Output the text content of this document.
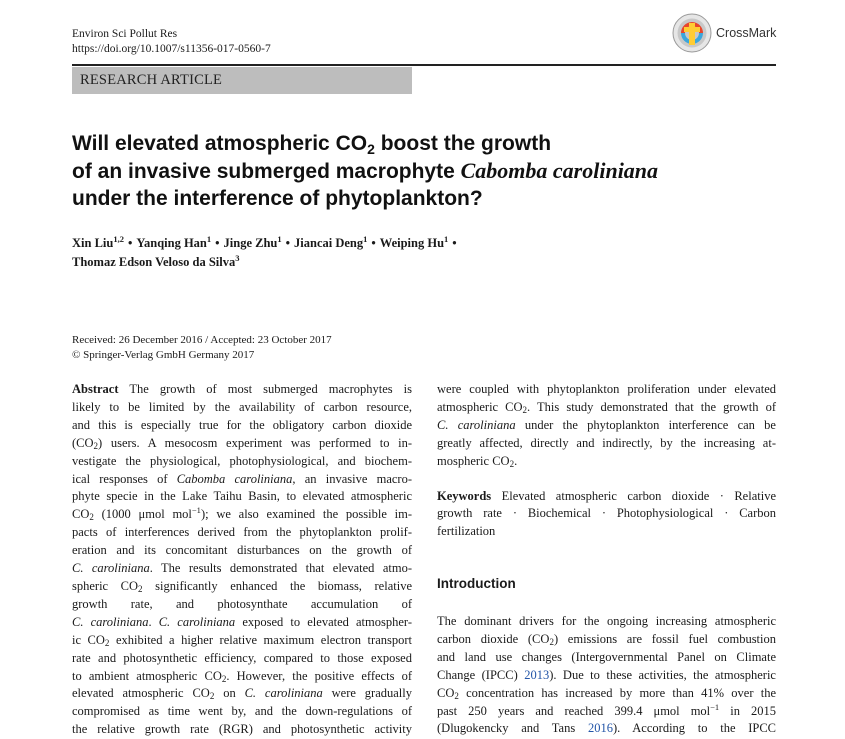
Environ Sci Pollut Res
https://doi.org/10.1007/s11356-017-0560-7
CrossMark
RESEARCH ARTICLE
Will elevated atmospheric $CO_2$ boost the growth
of an invasive submerged macrophyte Cabomba caroliniana
under the interference of phytoplankton?
Xin Liu$^{1,2}$ • Yanqing Han$^1$ • Jinge Zhu$^1$ • Jiancai Deng$^1$ • Weiping Hu$^1$ •
Thomaz Edson Veloso da Silva$^3$
Received: 26 December 2016 / Accepted: 23 October 2017
© Springer-Verlag GmbH Germany 2017
Abstract The growth of most submerged macrophytes is
likely to be limited by the availability of carbon resource,
and this is especially true for the obligatory carbon dioxide
$(CO_2)$ users. A mesocosm experiment was performed to in-
vestigate the physiological, photophysiological, and biochem-
ical responses of Cabomba caroliniana, an invasive macro-
phyte specie in the Lake Taihu Basin, to elevated atmospheric
$CO_2$ (1000 μmol mol$^{-1}$); we also examined the possible im-
pacts of interferences derived from the phytoplankton prolif-
eration and its concomitant disturbances on the growth of
C. caroliniana. The results demonstrated that elevated atmo-
spheric $CO_2$ significantly enhanced the biomass, relative
growth rate, and photosynthate accumulation of
C. caroliniana. C. caroliniana exposed to elevated atmospher-
ic $CO_2$ exhibited a higher relative maximum electron transport
rate and photosynthetic efficiency, compared to those exposed
to ambient atmospheric $CO_2$. However, the positive effects of
elevated atmospheric $CO_2$ on C. caroliniana were gradually
compromised as time went by, and the down-regulations of
the relative growth rate (RGR) and photosynthetic activity
were coupled with phytoplankton proliferation under elevated
atmospheric $CO_2$. This study demonstrated that the growth of
C. caroliniana under the phytoplankton interference can be
greatly affected, directly and indirectly, by the increasing at-
mospheric $CO_2$.
Keywords Elevated atmospheric carbon dioxide · Relative
growth rate · Biochemical · Photophysiological · Carbon
fertilization
Introduction
The dominant drivers for the ongoing increasing atmospheric
carbon dioxide $(CO_2)$ emissions are fossil fuel combustion
and land use changes (Intergovernmental Panel on Climate
Change (IPCC) 2013). Due to these activities, the atmospheric
$CO_2$ concentration has increased by more than 41% over the
past 250 years and reached 399.4 μmol mol$^{-1}$ in 2015
(Dlugokencky and Tans 2016). According to the IPCC
